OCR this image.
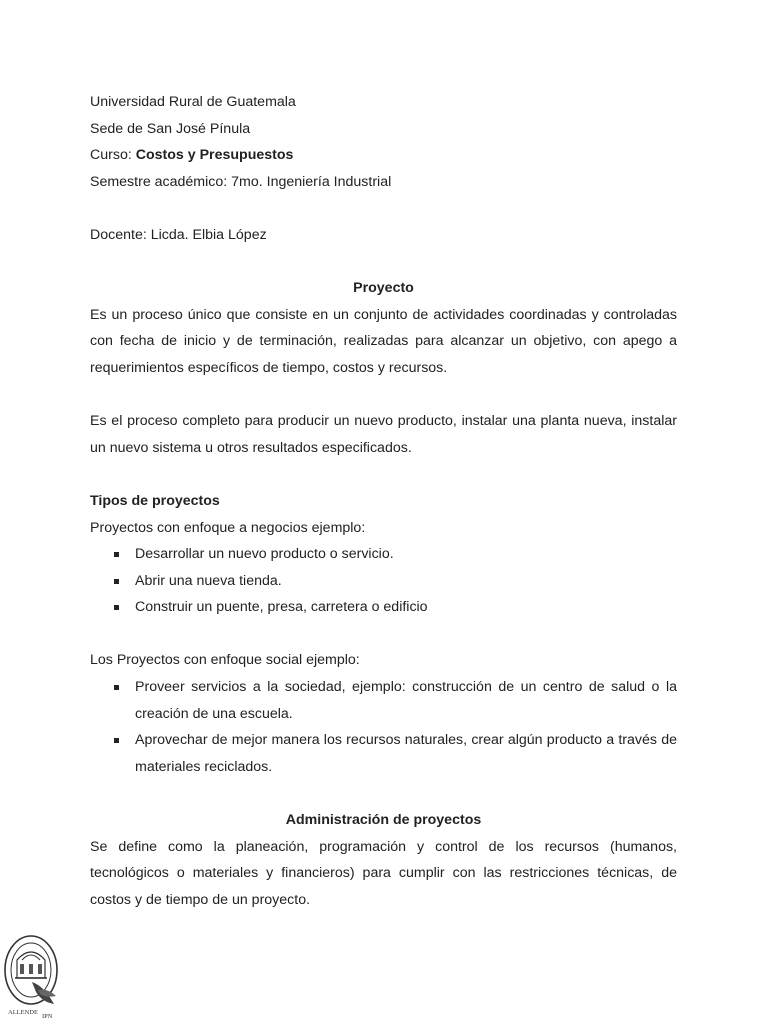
Universidad Rural de Guatemala

Sede de San José Pínula

Curso: Costos y Presupuestos

Semestre académico: 7mo. Ingeniería Industrial

Docente: Licda. Elbia López

Proyecto

Es un proceso único que consiste en un conjunto de actividades coordinadas y controladas con fecha de inicio y de terminación, realizadas para alcanzar un objetivo, con apego a requerimientos específicos de tiempo, costos y recursos.

Es el proceso completo para producir un nuevo producto, instalar una planta nueva, instalar un nuevo sistema u otros resultados especificados.

Tipos de proyectos

Proyectos con enfoque a negocios ejemplo:

Desarrollar un nuevo producto o servicio.
Abrir una nueva tienda.
Construir un puente, presa, carretera o edificio

Los Proyectos con enfoque social ejemplo:

Proveer servicios a la sociedad, ejemplo: construcción de un centro de salud o la creación de una escuela.
Aprovechar de mejor manera los recursos naturales, crear algún producto a través de materiales reciclados.

Administración de proyectos

Se define como la planeación, programación y control de los recursos (humanos, tecnológicos o materiales y financieros) para cumplir con las restricciones técnicas, de costos y de tiempo de un proyecto.

ALLENDE
IPN
